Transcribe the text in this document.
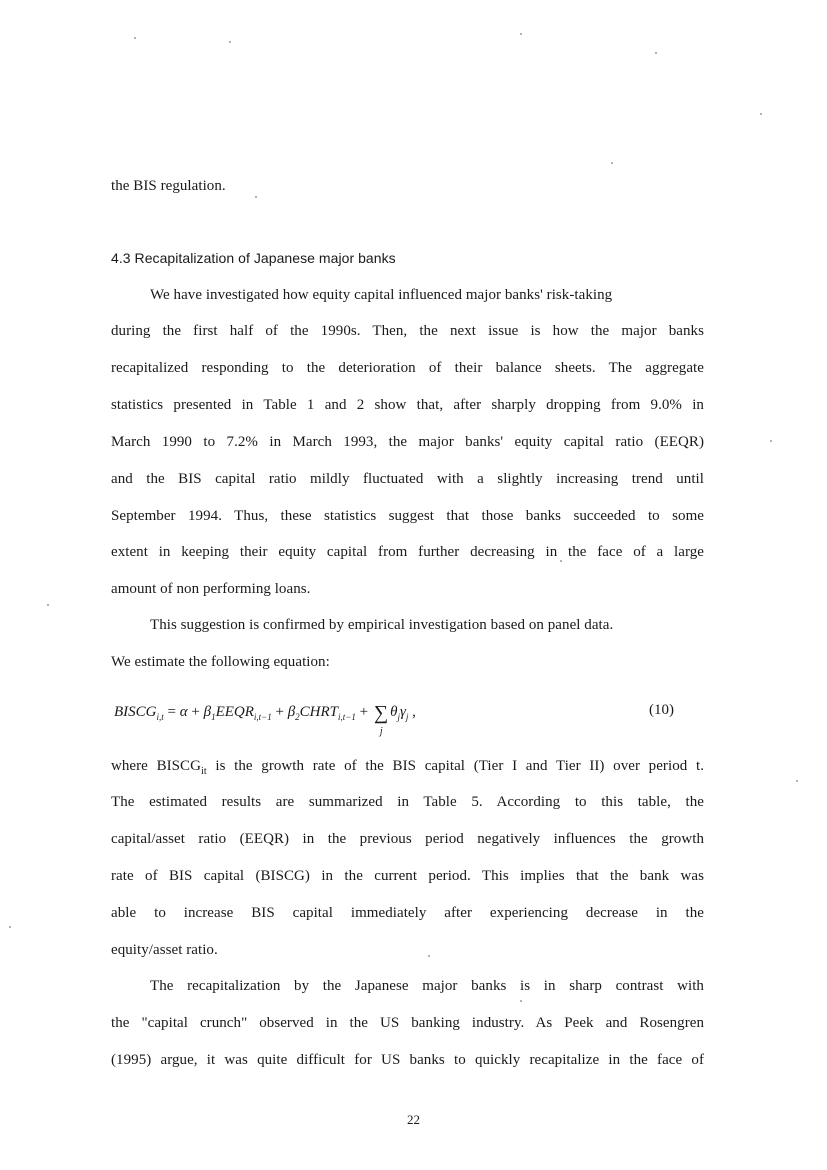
the BIS regulation.
4.3 Recapitalization of Japanese major banks
We have investigated how equity capital influenced major banks' risk-taking
during the first half of the 1990s. Then, the next issue is how the major banks
recapitalized responding to the deterioration of their balance sheets. The aggregate
statistics presented in Table 1 and 2 show that, after sharply dropping from 9.0% in
March 1990 to 7.2% in March 1993, the major banks' equity capital ratio (EEQR)
and the BIS capital ratio mildly fluctuated with a slightly increasing trend until
September 1994. Thus, these statistics suggest that those banks succeeded to some
extent in keeping their equity capital from further decreasing in the face of a large
amount of non performing loans.
This suggestion is confirmed by empirical investigation based on panel data.
We estimate the following equation:
$BISCG_{i,t} = \alpha$ + $\beta_1EEQR_{i,t-1}$ + $\beta_2CHRT_{i,t-1}$ + ∑
j
$\theta_j\gamma_j$ ,	(10)
where $BISCG_{it}$ is the growth rate of the BIS capital (Tier I and Tier II) over period t.
The estimated results are summarized in Table 5. According to this table, the
capital/asset ratio (EEQR) in the previous period negatively influences the growth
rate of BIS capital (BISCG) in the current period. This implies that the bank was
able to increase BIS capital immediately after experiencing decrease in the
equity/asset ratio.
The recapitalization by the Japanese major banks is in sharp contrast with
the "capital crunch" observed in the US banking industry. As Peek and Rosengren
(1995) argue, it was quite difficult for US banks to quickly recapitalize in the face of
22
